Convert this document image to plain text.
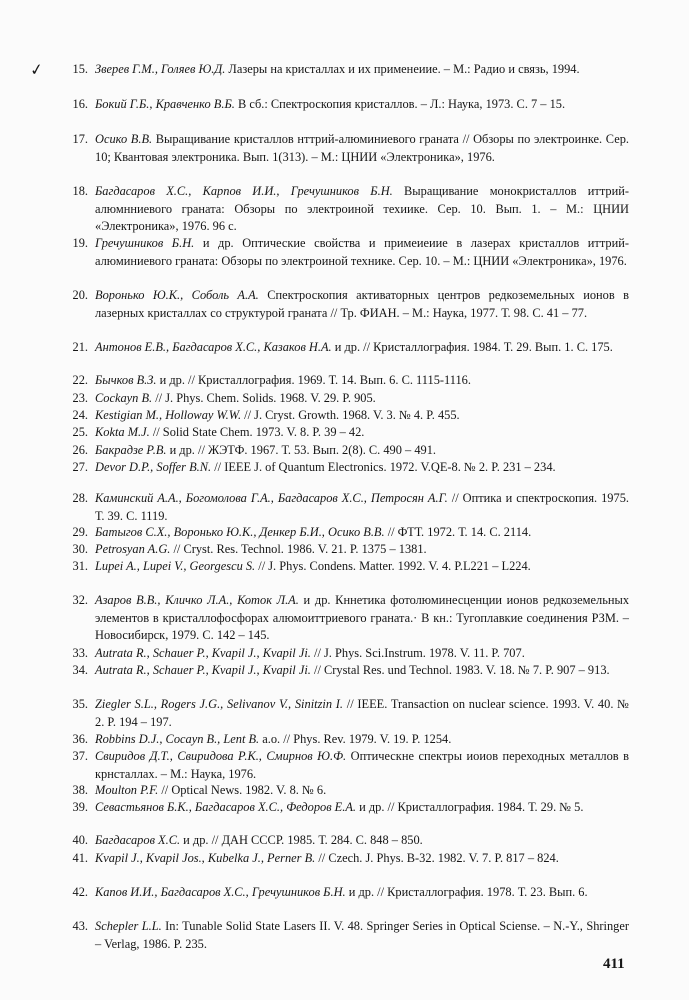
✓	15. Зверев Г.М., Голяев Ю.Д. Лазеры на кристаллах и их применеиие. – М.: Радио и связь, 1994.
16. Бокий Г.Б., Кравченко В.Б. В сб.: Спектроскопия кристаллов. – Л.: Наука, 1973. С. 7 – 15.
17. Осико В.В. Выращивание кристаллов нттрий-алюминиевого граната // Обзоры по электроинке. Сер. 10; Квантовая электроника. Вып. 1(313). – М.: ЦНИИ «Электроника», 1976.
18. Багдасаров Х.С., Карпов И.И., Гречушников Б.Н. Выращивание монокристаллов иттрий-алюмнниевого граната: Обзоры по электроиной техиике. Сер. 10. Вып. 1. – М.: ЦНИИ «Электроника», 1976. 96 с.
19. Гречушников Б.Н. и др. Оптические свойства и примеиеиие в лазерах кристаллов иттрий-алюминиевого граната: Обзоры по электроиной технике. Сер. 10. – М.: ЦНИИ «Электроника», 1976.
20. Воронько Ю.К., Соболь А.А. Спектроскопия активаторных центров редкоземельных ионов в лазерных кристаллах со структурой граната // Тр. ФИАН. – М.: Наука, 1977. Т. 98. С. 41 – 77.
21. Антонов Е.В., Багдасаров Х.С., Казаков Н.А. и др. // Кристаллография. 1984. Т. 29. Вып. 1. С. 175.
22. Бычков В.З. и др. // Кристаллография. 1969. Т. 14. Вып. 6. С. 1115-1116.
23. Cockayn B. // J. Phys. Chem. Solids. 1968. V. 29. P. 905.
24. Kestigian M., Holloway W.W. // J. Cryst. Growth. 1968. V. 3. № 4. P. 455.
25. Kokta M.J. // Solid State Chem. 1973. V. 8. P. 39 – 42.
26. Бакрадзе Р.В. и др. // ЖЭТФ. 1967. Т. 53. Вып. 2(8). С. 490 – 491.
27. Devor D.P., Soffer B.N. // IEEE J. of Quantum Electronics. 1972. V.QE-8. № 2. P. 231 – 234.
28. Каминский А.А., Богомолова Г.А., Багдасаров Х.С., Петросян А.Г. // Оптика и спектроскопия. 1975. Т. 39. С. 1119.
29. Батыгов С.Х., Воронько Ю.К., Денкер Б.И., Осико В.В. // ФТТ. 1972. Т. 14. С. 2114.
30. Petrosyan A.G. // Cryst. Res. Technol. 1986. V. 21. P. 1375 – 1381.
31. Lupei A., Lupei V., Georgescu S. // J. Phys. Condens. Matter. 1992. V. 4. P.L221 – L224.
32. Азаров В.В., Кличко Л.А., Коток Л.А. и др. Кннетика фотолюминесценции ионов редкоземельных элементов в кристаллофосфорах алюмоиттриевого граната.· В кн.: Тугоплавкие соединения РЗМ. – Новосибирск, 1979. С. 142 – 145.
33. Autrata R., Schauer P., Kvapil J., Kvapil Ji. // J. Phys. Sci.Instrum. 1978. V. 11. P. 707.
34. Autrata R., Schauer P., Kvapil J., Kvapil Ji. // Crystal Res. und Technol. 1983. V. 18. № 7. P. 907 – 913.
35. Ziegler S.L., Rogers J.G., Selivanov V., Sinitzin I. // IEEE. Transaction on nuclear science. 1993. V. 40. № 2. P. 194 – 197.
36. Robbins D.J., Cocayn B., Lent B. a.o. // Phys. Rev. 1979. V. 19. P. 1254.
37. Свиридов Д.Т., Свиридова Р.К., Смирнов Ю.Ф. Оптическне спектры иоиов переходных металлов в крнсталлах. – М.: Наука, 1976.
38. Moulton P.F. // Optical News. 1982. V. 8. № 6.
39. Севастьянов Б.К., Багдасаров Х.С., Федоров Е.А. и др. // Кристаллография. 1984. Т. 29. № 5.
40. Багдасаров Х.С. и др. // ДАН СССР. 1985. Т. 284. С. 848 – 850.
41. Kvapil J., Kvapil Jos., Kubelka J., Perner B. // Czech. J. Phys. B-32. 1982. V. 7. P. 817 – 824.
42. Капов И.И., Багдасаров Х.С., Гречушников Б.Н. и др. // Кристаллография. 1978. Т. 23. Вып. 6.
43. Schepler L.L. In: Tunable Solid State Lasers II. V. 48. Springer Series in Optical Sciense. – N.-Y., Shringer – Verlag, 1986. P. 235.
411
